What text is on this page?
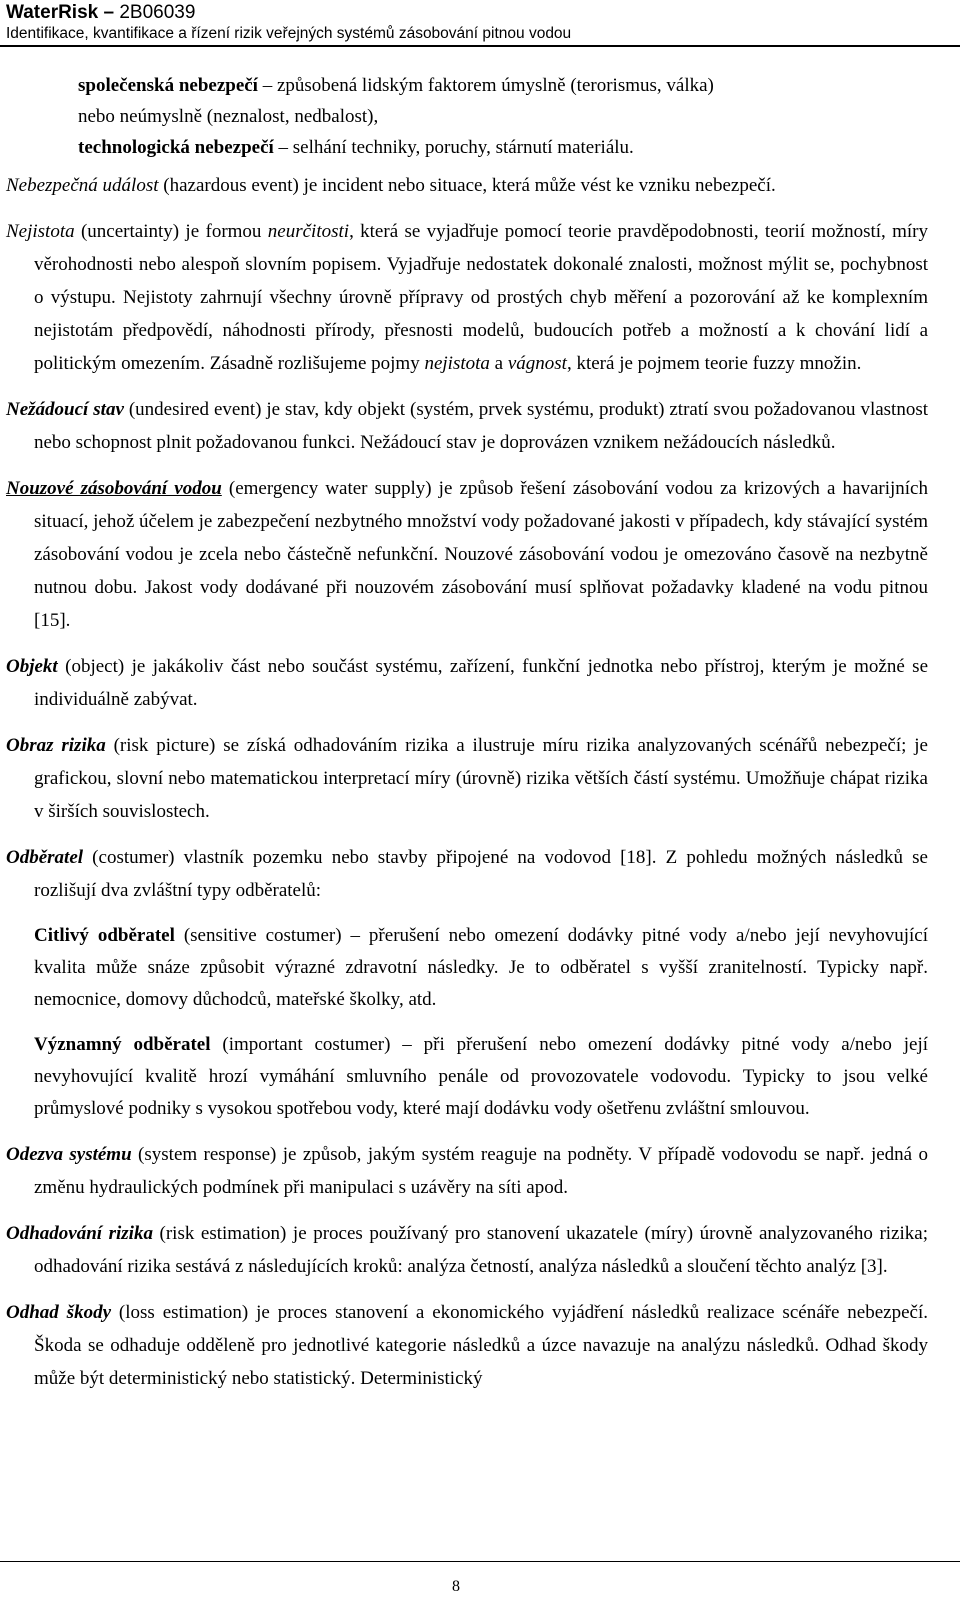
WaterRisk – 2B06039
Identifikace, kvantifikace a řízení rizik veřejných systémů zásobování pitnou vodou
společenská nebezpečí – způsobená lidským faktorem úmyslně (terorismus, válka)
nebo neúmyslně (neznalost, nedbalost),
technologická nebezpečí – selhání techniky, poruchy, stárnutí materiálu.

Nebezpečná událost (hazardous event) je incident nebo situace, která může vést ke vzniku nebezpečí.

Nejistota (uncertainty) je formou neurčitosti, která se vyjadřuje pomocí teorie pravděpodobnosti, teorií možností, míry věrohodnosti nebo alespoň slovním popisem. Vyjadřuje nedostatek dokonalé znalosti, možnost mýlit se, pochybnost o výstupu. Nejistoty zahrnují všechny úrovně přípravy od prostých chyb měření a pozorování až ke komplexním nejistotám předpovědí, náhodnosti přírody, přesnosti modelů, budoucích potřeb a možností a k chování lidí a politickým omezením. Zásadně rozlišujeme pojmy nejistota a vágnost, která je pojmem teorie fuzzy množin.

Nežádoucí stav (undesired event) je stav, kdy objekt (systém, prvek systému, produkt) ztratí svou požadovanou vlastnost nebo schopnost plnit požadovanou funkci. Nežádoucí stav je doprovázen vznikem nežádoucích následků.

Nouzové zásobování vodou (emergency water supply) je způsob řešení zásobování vodou za krizových a havarijních situací, jehož účelem je zabezpečení nezbytného množství vody požadované jakosti v případech, kdy stávající systém zásobování vodou je zcela nebo částečně nefunkční. Nouzové zásobování vodou je omezováno časově na nezbytně nutnou dobu. Jakost vody dodávané při nouzovém zásobování musí splňovat požadavky kladené na vodu pitnou [15].

Objekt (object) je jakákoliv část nebo součást systému, zařízení, funkční jednotka nebo přístroj, kterým je možné se individuálně zabývat.

Obraz rizika (risk picture) se získá odhadováním rizika a ilustruje míru rizika analyzovaných scénářů nebezpečí; je grafickou, slovní nebo matematickou interpretací míry (úrovně) rizika větších částí systému. Umožňuje chápat rizika v širších souvislostech.

Odběratel (costumer) vlastník pozemku nebo stavby připojené na vodovod [18]. Z pohledu možných následků se rozlišují dva zvláštní typy odběratelů:

Citlivý odběratel (sensitive costumer) – přerušení nebo omezení dodávky pitné vody a/nebo její nevyhovující kvalita může snáze způsobit výrazné zdravotní následky. Je to odběratel s vyšší zranitelností. Typicky např. nemocnice, domovy důchodců, mateřské školky, atd.

Významný odběratel (important costumer) – při přerušení nebo omezení dodávky pitné vody a/nebo její nevyhovující kvalitě hrozí vymáhání smluvního penále od provozovatele vodovodu. Typicky to jsou velké průmyslové podniky s vysokou spotřebou vody, které mají dodávku vody ošetřenu zvláštní smlouvou.

Odezva systému (system response) je způsob, jakým systém reaguje na podněty. V případě vodovodu se např. jedná o změnu hydraulických podmínek při manipulaci s uzávěry na síti apod.

Odhadování rizika (risk estimation) je proces používaný pro stanovení ukazatele (míry) úrovně analyzovaného rizika; odhadování rizika sestává z následujících kroků: analýza četností, analýza následků a sloučení těchto analýz [3].

Odhad škody (loss estimation) je proces stanovení a ekonomického vyjádření následků realizace scénáře nebezpečí. Škoda se odhaduje odděleně pro jednotlivé kategorie následků a úzce navazuje na analýzu následků. Odhad škody může být deterministický nebo statistický. Deterministický

8
